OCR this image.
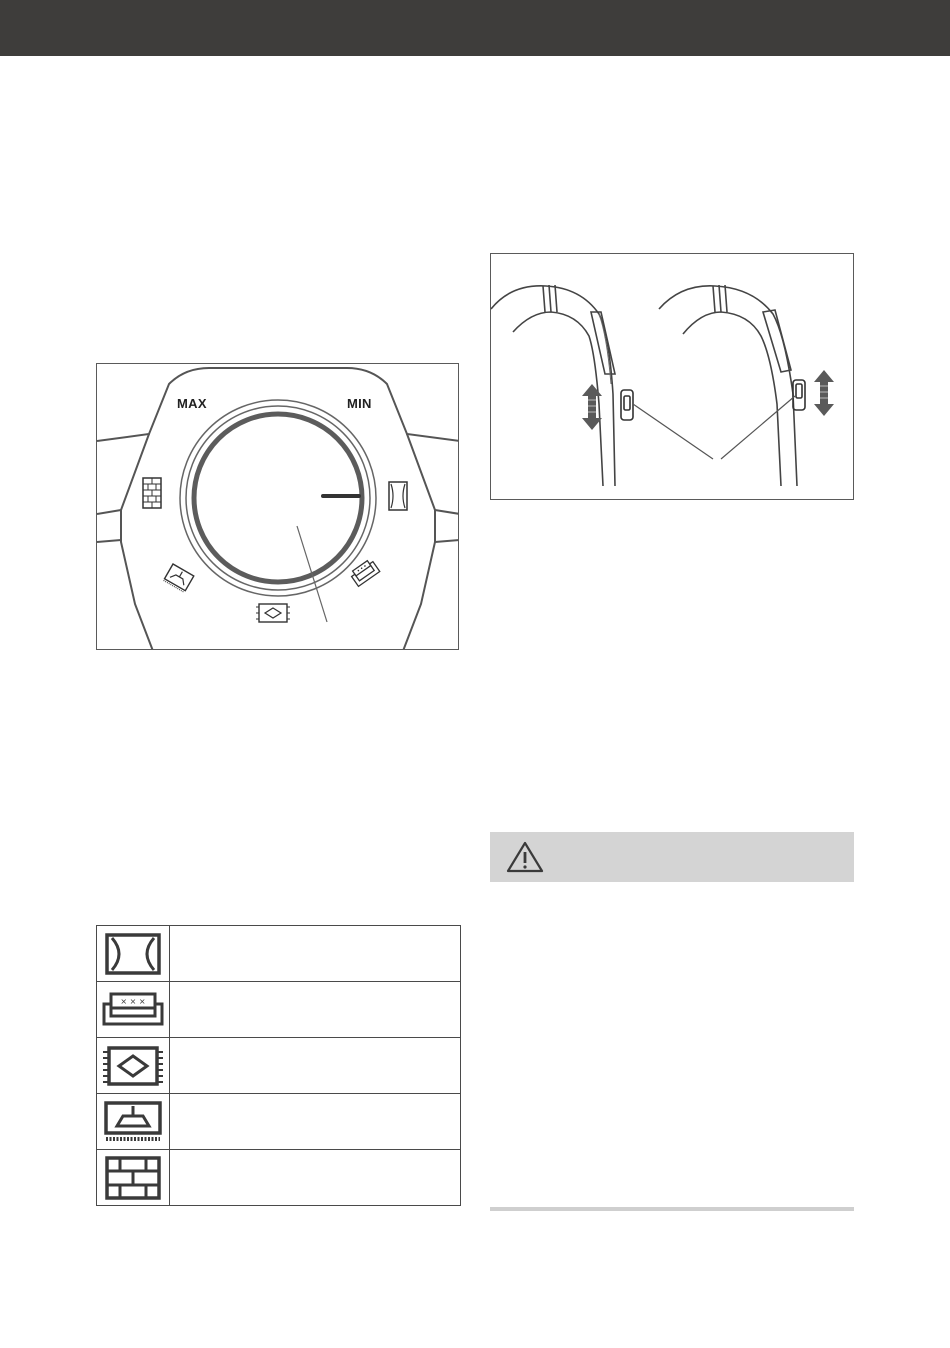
MAX	MIN

× × ×	
